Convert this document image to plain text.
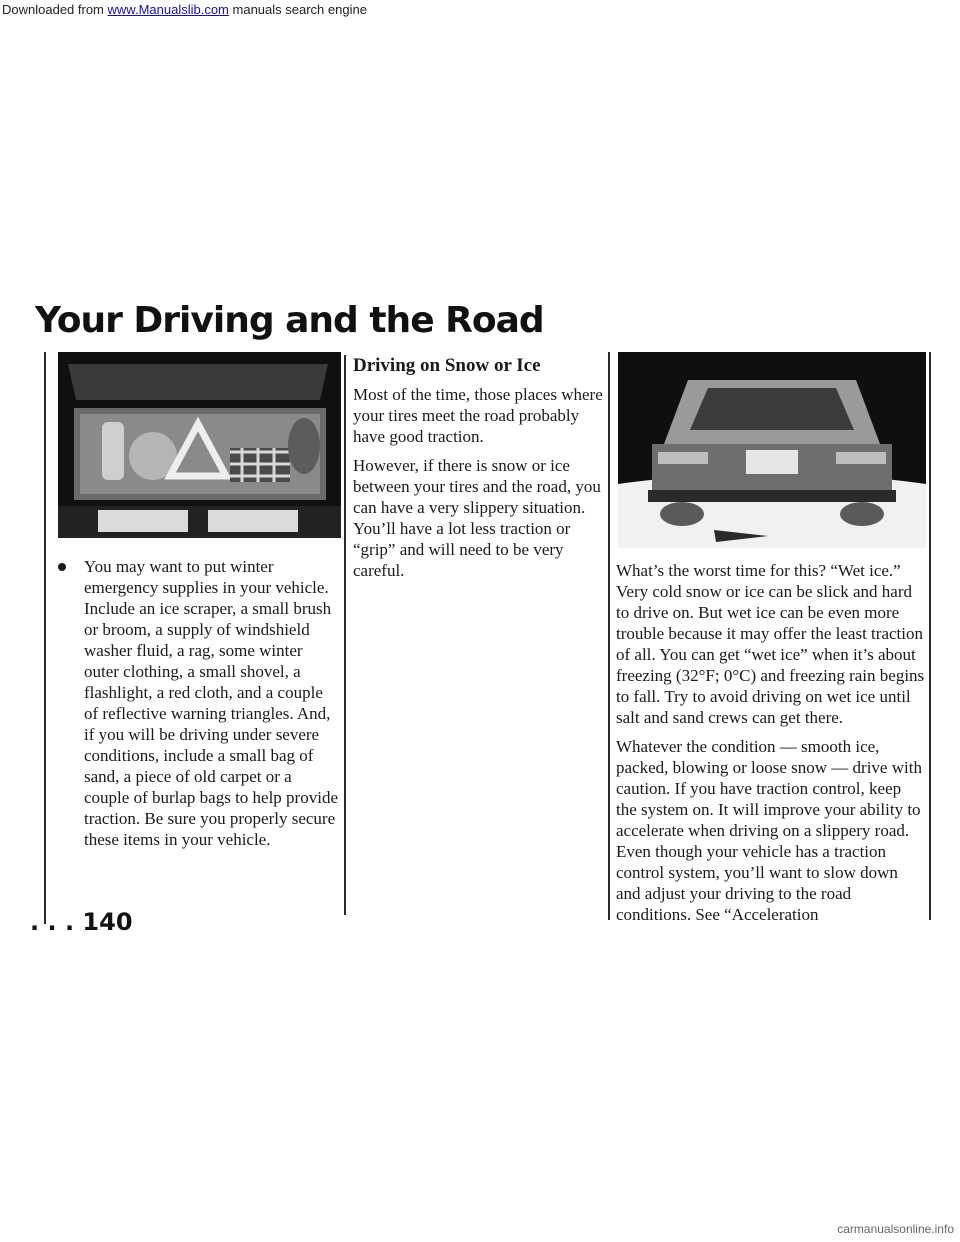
Downloaded from www.Manualslib.com manuals search engine
Your Driving and the Road
You may want to put winter emergency supplies in your vehicle. Include an ice scraper, a small brush or broom, a supply of windshield washer fluid, a rag, some winter outer clothing, a small shovel, a flashlight, a red cloth, and a couple of reflective warning triangles. And, if you will be driving under severe conditions, include a small bag of sand, a piece of old carpet or a couple of burlap bags to help provide traction. Be sure you properly secure these items in your vehicle.
Driving on Snow or Ice

Most of the time, those places where your tires meet the road probably have good traction.

However, if there is snow or ice between your tires and the road, you can have a very slippery situation. You’ll have a lot less traction or “grip” and will need to be very careful.	What’s the worst time for this? “Wet ice.” Very cold snow or ice can be slick and hard to drive on. But wet ice can be even more trouble because it may offer the least traction of all. You can get “wet ice” when it’s about freezing (32°F; 0°C) and freezing rain begins to fall. Try to avoid driving on wet ice until salt and sand crews can get there.

Whatever the condition — smooth ice, packed, blowing or loose snow — drive with caution. If you have traction control, keep the system on. It will improve your ability to accelerate when driving on a slippery road. Even though your vehicle has a traction control system, you’ll want to slow down and adjust your driving to the road conditions. See “Acceleration

. . . 140
carmanualsonline.info
